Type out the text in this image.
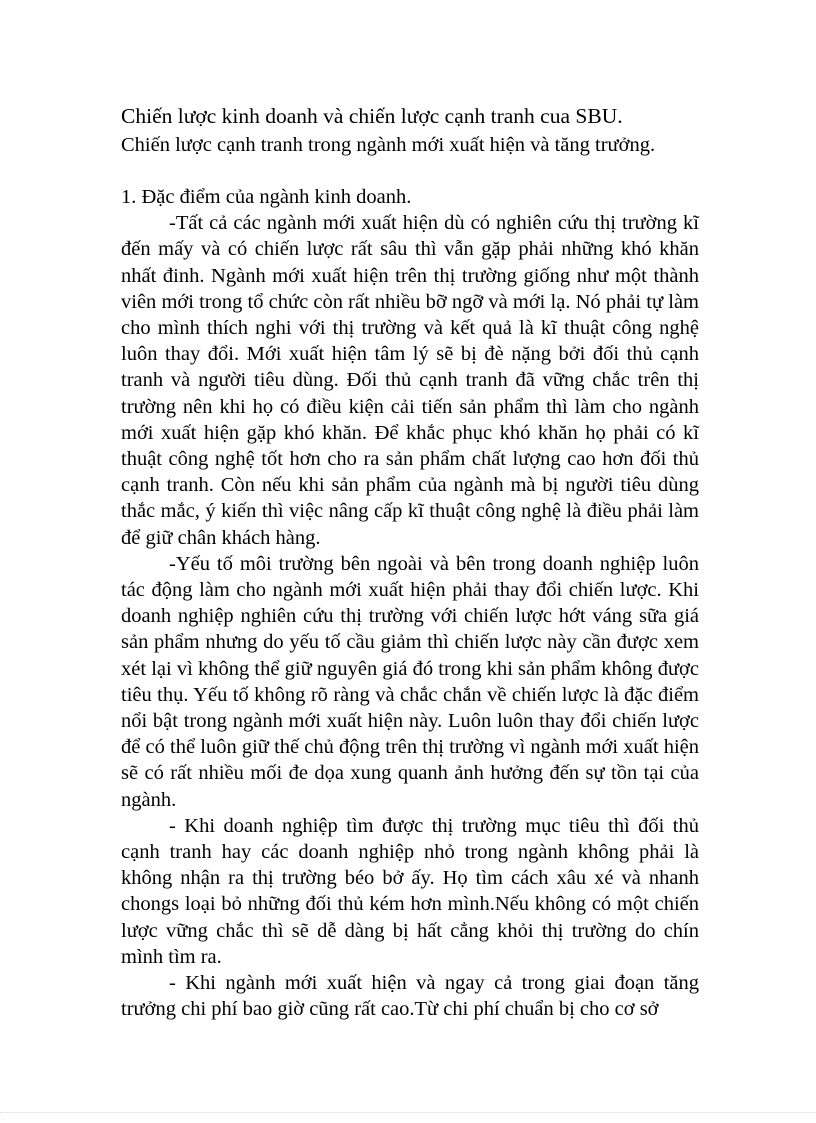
Chiến lược kinh doanh và chiến lược cạnh tranh cua SBU.
Chiến lược cạnh tranh trong ngành mới xuất hiện và tăng trưởng.

1. Đặc điểm của ngành kinh doanh.

-Tất cả các ngành mới xuất hiện dù có nghiên cứu thị trường kĩ đến mấy và có chiến lược rất sâu thì vẫn gặp phải những khó khăn nhất đinh. Ngành mới xuất hiện trên thị trường giống như một thành viên mới trong tổ chức còn rất nhiều bỡ ngỡ và mới lạ. Nó phải tự làm cho mình thích nghi với thị trường và kết quả là kĩ thuật công nghệ luôn thay đổi. Mới xuất hiện tâm lý sẽ bị đè nặng bởi đối thủ cạnh tranh và người tiêu dùng. Đối thủ cạnh tranh đã vững chắc trên thị trường nên khi họ có điều kiện cải tiến sản phẩm thì làm cho ngành mới xuất hiện gặp khó khăn. Để khắc phục khó khăn họ phải có kĩ thuật công nghệ tốt hơn cho ra sản phẩm chất lượng cao hơn đối thủ cạnh tranh. Còn nếu khi sản phẩm của ngành mà bị người tiêu dùng thắc mắc, ý kiến thì việc nâng cấp kĩ thuật công nghệ là điều phải làm để giữ chân khách hàng.

-Yếu tố môi trường bên ngoài và bên trong doanh nghiệp luôn tác động làm cho ngành mới xuất hiện phải thay đổi chiến lược. Khi doanh nghiệp nghiên cứu thị trường với chiến lược hớt váng sữa giá sản phẩm nhưng do yếu tố cầu giảm thì chiến lược này cần được xem xét lại vì không thể giữ nguyên giá đó trong khi sản phẩm không được tiêu thụ. Yếu tố không rõ ràng và chắc chắn về chiến lược là đặc điểm nổi bật trong ngành mới xuất hiện này. Luôn luôn thay đổi chiến lược để có thể luôn giữ thế chủ động trên thị trường vì ngành mới xuất hiện sẽ có rất nhiều mối đe dọa xung quanh ảnh hưởng đến sự tồn tại của ngành.

- Khi doanh nghiệp tìm được thị trường mục tiêu thì đối thủ cạnh tranh hay các doanh nghiệp nhỏ trong ngành không phải là không nhận ra thị trường béo bở ấy. Họ tìm cách xâu xé và nhanh chongs loại bỏ những đối thủ kém hơn mình.Nếu không có một chiến lược vững chắc thì sẽ dễ dàng bị hất cẳng khỏi thị trường do chín mình tìm ra.

- Khi ngành mới xuất hiện và ngay cả trong giai đoạn tăng trưởng chi phí bao giờ cũng rất cao.Từ chi phí chuẩn bị cho cơ sở
